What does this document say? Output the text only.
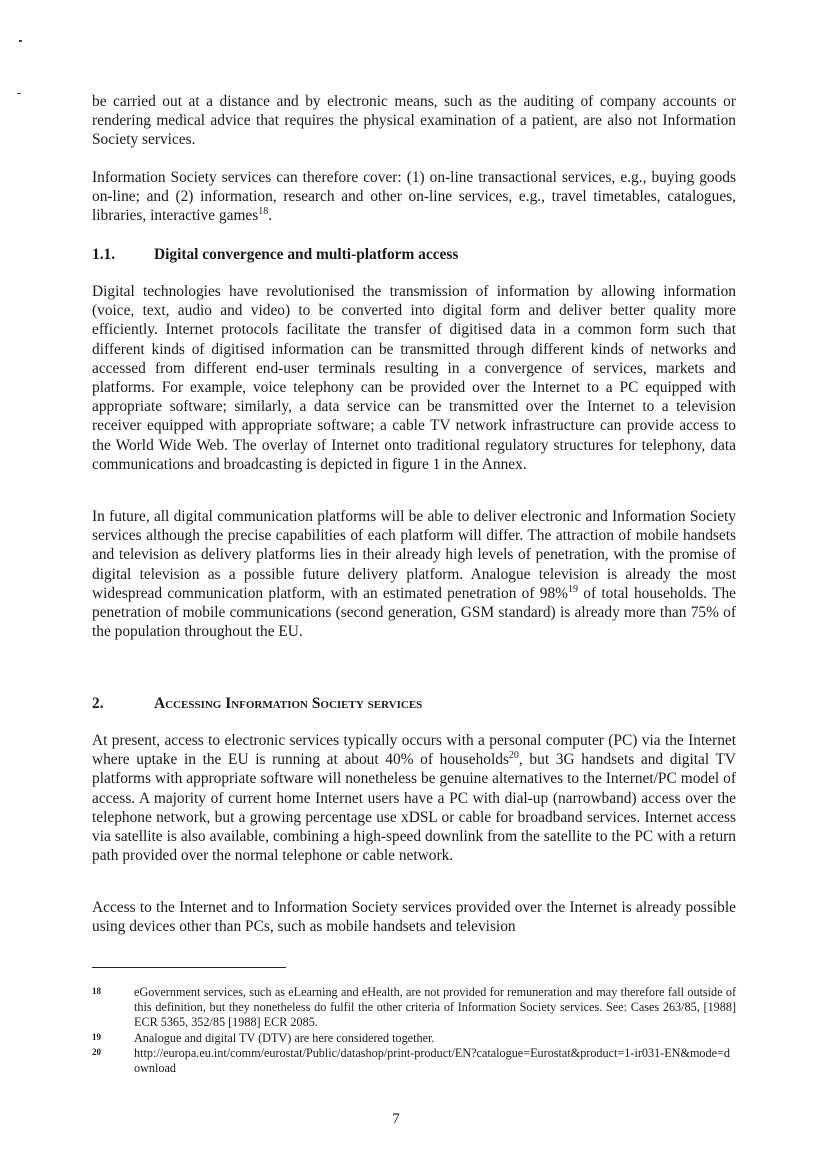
be carried out at a distance and by electronic means, such as the auditing of company accounts or rendering medical advice that requires the physical examination of a patient, are also not Information Society services.

Information Society services can therefore cover: (1) on-line transactional services, e.g., buying goods on-line; and (2) information, research and other on-line services, e.g., travel timetables, catalogues, libraries, interactive games$^{18}$.

1.1.	Digital convergence and multi-platform access

Digital technologies have revolutionised the transmission of information by allowing information (voice, text, audio and video) to be converted into digital form and deliver better quality more efficiently. Internet protocols facilitate the transfer of digitised data in a common form such that different kinds of digitised information can be transmitted through different kinds of networks and accessed from different end-user terminals resulting in a convergence of services, markets and platforms. For example, voice telephony can be provided over the Internet to a PC equipped with appropriate software; similarly, a data service can be transmitted over the Internet to a television receiver equipped with appropriate software; a cable TV network infrastructure can provide access to the World Wide Web. The overlay of Internet onto traditional regulatory structures for telephony, data communications and broadcasting is depicted in figure 1 in the Annex.

In future, all digital communication platforms will be able to deliver electronic and Information Society services although the precise capabilities of each platform will differ. The attraction of mobile handsets and television as delivery platforms lies in their already high levels of penetration, with the promise of digital television as a possible future delivery platform. Analogue television is already the most widespread communication platform, with an estimated penetration of 98%$^{19}$ of total households. The penetration of mobile communications (second generation, GSM standard) is already more than 75% of the population throughout the EU.

2.	Accessing Information Society services

At present, access to electronic services typically occurs with a personal computer (PC) via the Internet where uptake in the EU is running at about 40% of households$^{20}$, but 3G handsets and digital TV platforms with appropriate software will nonetheless be genuine alternatives to the Internet/PC model of access. A majority of current home Internet users have a PC with dial-up (narrowband) access over the telephone network, but a growing percentage use xDSL or cable for broadband services. Internet access via satellite is also available, combining a high-speed downlink from the satellite to the PC with a return path provided over the normal telephone or cable network.

Access to the Internet and to Information Society services provided over the Internet is already possible using devices other than PCs, such as mobile handsets and television

18	eGovernment services, such as eLearning and eHealth, are not provided for remuneration and may therefore fall outside of this definition, but they nonetheless do fulfil the other criteria of Information Society services. See: Cases 263/85, [1988] ECR 5365, 352/85 [1988] ECR 2085.
19	Analogue and digital TV (DTV) are here considered together.
20	http://europa.eu.int/comm/eurostat/Public/datashop/print-product/EN?catalogue=Eurostat&product=1-ir031-EN&mode=download
7
